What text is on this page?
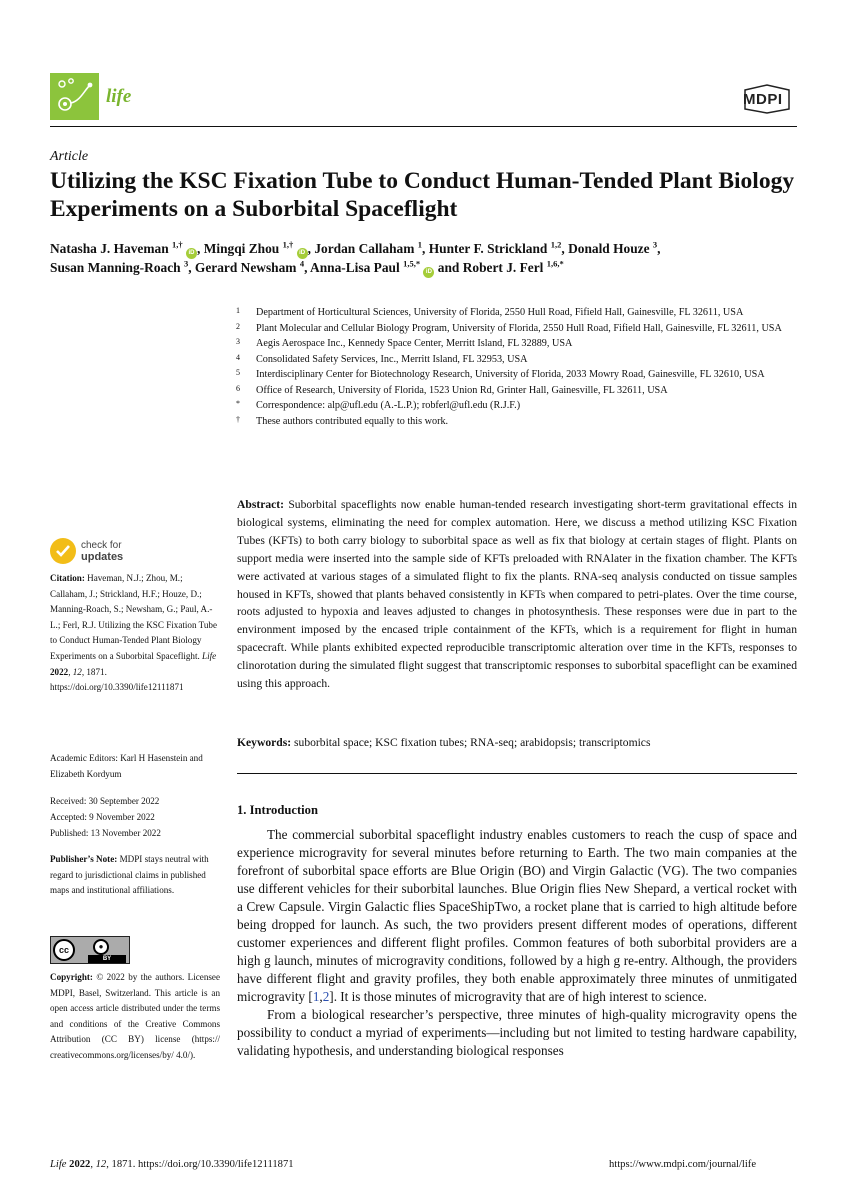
life	MDPI
Article
Utilizing the KSC Fixation Tube to Conduct Human-Tended Plant Biology Experiments on a Suborbital Spaceflight
Natasha J. Haveman $^{1,\dagger}$ iD , Mingqi Zhou $^{1,\dagger}$ iD , Jordan Callaham $^1$, Hunter F. Strickland $^{1,2}$, Donald Houze $^3$,
Susan Manning-Roach $^3$, Gerard Newsham $^4$, Anna-Lisa Paul $^{1,5,*}$ iD and Robert J. Ferl $^{1,6,*}$
1	Department of Horticultural Sciences, University of Florida, 2550 Hull Road, Fifield Hall, Gainesville, FL 32611, USA
2	Plant Molecular and Cellular Biology Program, University of Florida, 2550 Hull Road, Fifield Hall, Gainesville, FL 32611, USA
3	Aegis Aerospace Inc., Kennedy Space Center, Merritt Island, FL 32889, USA
4	Consolidated Safety Services, Inc., Merritt Island, FL 32953, USA
5	Interdisciplinary Center for Biotechnology Research, University of Florida, 2033 Mowry Road, Gainesville, FL 32610, USA
6	Office of Research, University of Florida, 1523 Union Rd, Grinter Hall, Gainesville, FL 32611, USA
*	Correspondence: alp@ufl.edu (A.-L.P.); robferl@ufl.edu (R.J.F.)
†	These authors contributed equally to this work.
Abstract: Suborbital spaceflights now enable human-tended research investigating short-term gravitational effects in biological systems, eliminating the need for complex automation. Here, we discuss a method utilizing KSC Fixation Tubes (KFTs) to both carry biology to suborbital space as well as fix that biology at certain stages of flight. Plants on support media were inserted into the sample side of KFTs preloaded with RNAlater in the fixation chamber. The KFTs were activated at various stages of a simulated flight to fix the plants. RNA-seq analysis conducted on tissue samples housed in KFTs, showed that plants behaved consistently in KFTs when compared to petri-plates. Over the time course, roots adjusted to hypoxia and leaves adjusted to changes in photosynthesis. These responses were due in part to the environment imposed by the encased triple containment of the KFTs, which is a requirement for flight in human spacecraft. While plants exhibited expected reproducible transcriptomic alteration over time in the KFTs, responses to clinorotation during the simulated flight suggest that transcriptomic responses to suborbital spaceflight can be examined using this approach.
Keywords: suborbital space; KSC fixation tubes; RNA-seq; arabidopsis; transcriptomics
1. Introduction

The commercial suborbital spaceflight industry enables customers to reach the cusp of space and experience microgravity for several minutes before returning to Earth. The two main companies at the forefront of suborbital space efforts are Blue Origin (BO) and Virgin Galactic (VG). The two companies use different vehicles for their suborbital launches. Blue Origin flies New Shepard, a vertical rocket with a Crew Capsule. Virgin Galactic flies SpaceShipTwo, a rocket plane that is carried to high altitude before being dropped for launch. As such, the two providers present different modes of operations, different customer experiences and different flight profiles. Common features of both suborbital providers are a high g launch, minutes of microgravity conditions, followed by a high g re-entry. Although, the providers have different flight and gravity profiles, they both enable approximately three minutes of unmitigated microgravity [1,2]. It is those minutes of microgravity that are of high interest to science.

From a biological researcher’s perspective, three minutes of high-quality microgravity opens the possibility to conduct a myriad of experiments—including but not limited to testing hardware capability, validating hypothesis, and understanding biological responses

check for
updates
Citation: Haveman, N.J.; Zhou, M.; Callaham, J.; Strickland, H.F.; Houze, D.; Manning-Roach, S.; Newsham, G.; Paul, A.-L.; Ferl, R.J. Utilizing the KSC Fixation Tube to Conduct Human-Tended Plant Biology Experiments on a Suborbital Spaceflight. Life 2022, 12, 1871. https://doi.org/10.3390/life12111871
Academic Editors: Karl H Hasenstein and Elizabeth Kordyum
Received: 30 September 2022
Accepted: 9 November 2022
Published: 13 November 2022
Publisher’s Note: MDPI stays neutral with regard to jurisdictional claims in published maps and institutional affiliations.
cc	●
BY
Copyright: © 2022 by the authors. Licensee MDPI, Basel, Switzerland. This article is an open access article distributed under the terms and conditions of the Creative Commons Attribution (CC BY) license (https:// creativecommons.org/licenses/by/ 4.0/).
Life 2022, 12, 1871. https://doi.org/10.3390/life12111871	https://www.mdpi.com/journal/life
